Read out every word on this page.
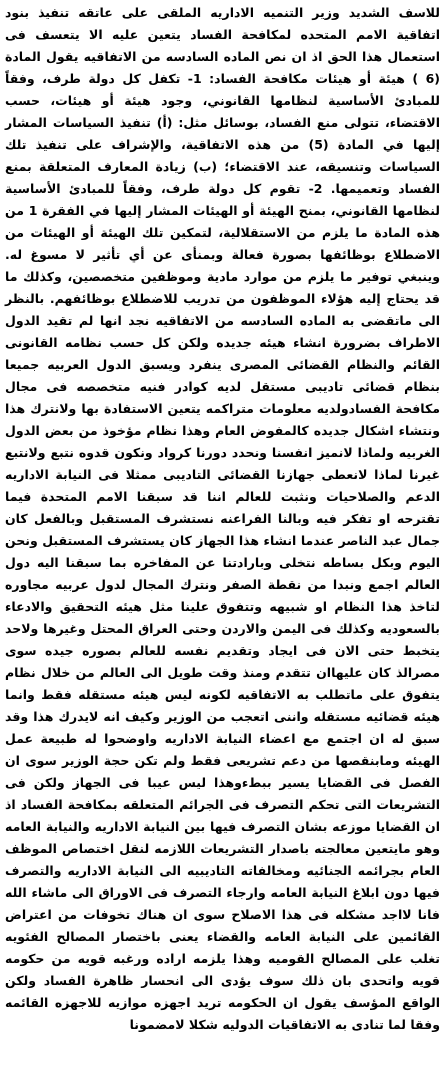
للاسف الشديد وزير التنميه الاداريه الملقى على عاتقه تنفيذ بنود اتفاقية الامم المتحده لمكافحة الفساد يتعين عليه الا يتعسف فى استعمال هذا الحق اذ ان نص الماده السادسه من الاتفاقيه يقول المادة (6 ) هيئة أو هيئات مكافحة الفساد: 1- تكفل كل دولة طرف، وفقاً للمبادئ الأساسية لنظامها القانوني، وجود هيئة أو هيئات، حسب الاقتضاء، تتولى منع الفساد، بوسائل مثل: (أ) تنفيذ السياسات المشار إليها في المادة (5) من هذه الاتفاقية، والإشراف على تنفيذ تلك السياسات وتنسيقه، عند الاقتضاء؛ (ب) زيادة المعارف المتعلقة بمنع الفساد وتعميمها. 2- تقوم كل دولة طرف، وفقاً للمبادئ الأساسية لنظامها القانوني، بمنح الهيئة أو الهيئات المشار إليها في الفقرة 1 من هذه المادة ما يلزم من الاستقلالية، لتمكين تلك الهيئة أو الهيئات من الاضطلاع بوظائفها بصورة فعالة وبمنأى عن أي تأثير لا مسوغ له. وينبغي توفير ما يلزم من موارد مادية وموظفين متخصصين، وكذلك ما قد يحتاج إليه هؤلاء الموظفون من تدريب للاضطلاع بوظائفهم. بالنظر الى ماتقضى به الماده السادسه من الاتفاقيه نجد انها لم تقيد الدول الاطراف بضرورة انشاء هيئه جديده ولكن كل حسب نظامه القانونى القائم والنظام القضائى المصرى ينفرد ويسبق الدول العربيه جميعا بنظام قضائى تاديبى مستقل لديه كوادر فنيه متخصصه فى مجال مكافحة الفسادولديه معلومات متراكمه يتعين الاستفادة بها ولانترك هذا ونتشاء اشكال جديده كالمفوض العام وهذا نظام مؤخوذ من بعض الدول الغربيه ولماذا لانميز انفسنا ونحدد دورنا كرواد ونكون قدوه نتبع ولانتبع غيرنا لماذا لانعطى جهازنا القضائى التاديبى ممثلا فى النيابة الاداريه الدعم والصلاحيات ونثبت للعالم اننا قد سبقنا الامم المتحدة فيما تقترحه او تفكر فيه وبالنا الفراعنه نستشرف المستقبل وبالفعل كان جمال عبد الناصر عندما انشاء هذا الجهاز كان يستشرف المستقبل ونحن اليوم وبكل بساطه نتخلى وبارادتنا عن المفاخره بما سبقنا اليه دول العالم اجمع ونبدا من نقطة الصفر ونترك المجال لدول عربيه مجاوره لتاخذ هذا النظام او شبيهه وتتفوق علينا مثل هيئه التحقيق والادعاء بالسعوديه وكذلك فى اليمن والاردن وحتى العراق المحتل وغيرها ولاحد يتخبط حتى الان فى ايجاد وتقديم نفسه للعالم بصوره جيده سوى مصرالذ كان عليهاان تتقدم ومنذ وقت طويل الى العالم من خلال نظام يتفوق على ماتطلب به الاتفاقيه لكونه ليس هيئه مستقله فقط وانما هيئه قضائيه مستقله واننى اتعجب من الوزير وكيف انه لايدرك هذا وقد سبق له ان اجتمع مع اعضاء النيابة الاداريه واوضحوا له طبيعة عمل الهيئه ومابنقصها من دعم تشريعى فقط ولم تكن حجة الوزير سوى ان الفصل فى القضايا يسير ببطءوهذا ليس عيبا فى الجهاز ولكن فى التشريعات التى تحكم التصرف فى الجرائم المتعلقه بمكافحة الفساد اذ ان القضايا موزعه بشان التصرف فيها بين النيابة الاداريه والنيابة العامه وهو مايتعين معالجته باصدار التشريعات اللازمه لنقل اختصاص الموظف العام بجرائمه الجنائيه ومخالفاته التاديبيه الى النيابة الاداريه والتصرف فيها دون ابلاغ النيابة العامه وارجاء التصرف فى الاوراق الى ماشاء الله فانا لااجد مشكله فى هذا الاصلاح سوى ان هناك تخوفات من اعتراض القائمين على النيابة العامه والقضاء يعنى باختصار المصالح الفئويه تغلب على المصالح القوميه وهذا يلزمه اراده ورغبه قويه من حكومه قويه واتحدى بان ذلك سوف يؤدى الى انحسار ظاهرة الفساد ولكن الواقع المؤسف يقول ان الحكومه تريد اجهزه موازيه للاجهزه القائمه وفقا لما تنادى به الاتفاقيات الدوليه شكلا لامضمونا
